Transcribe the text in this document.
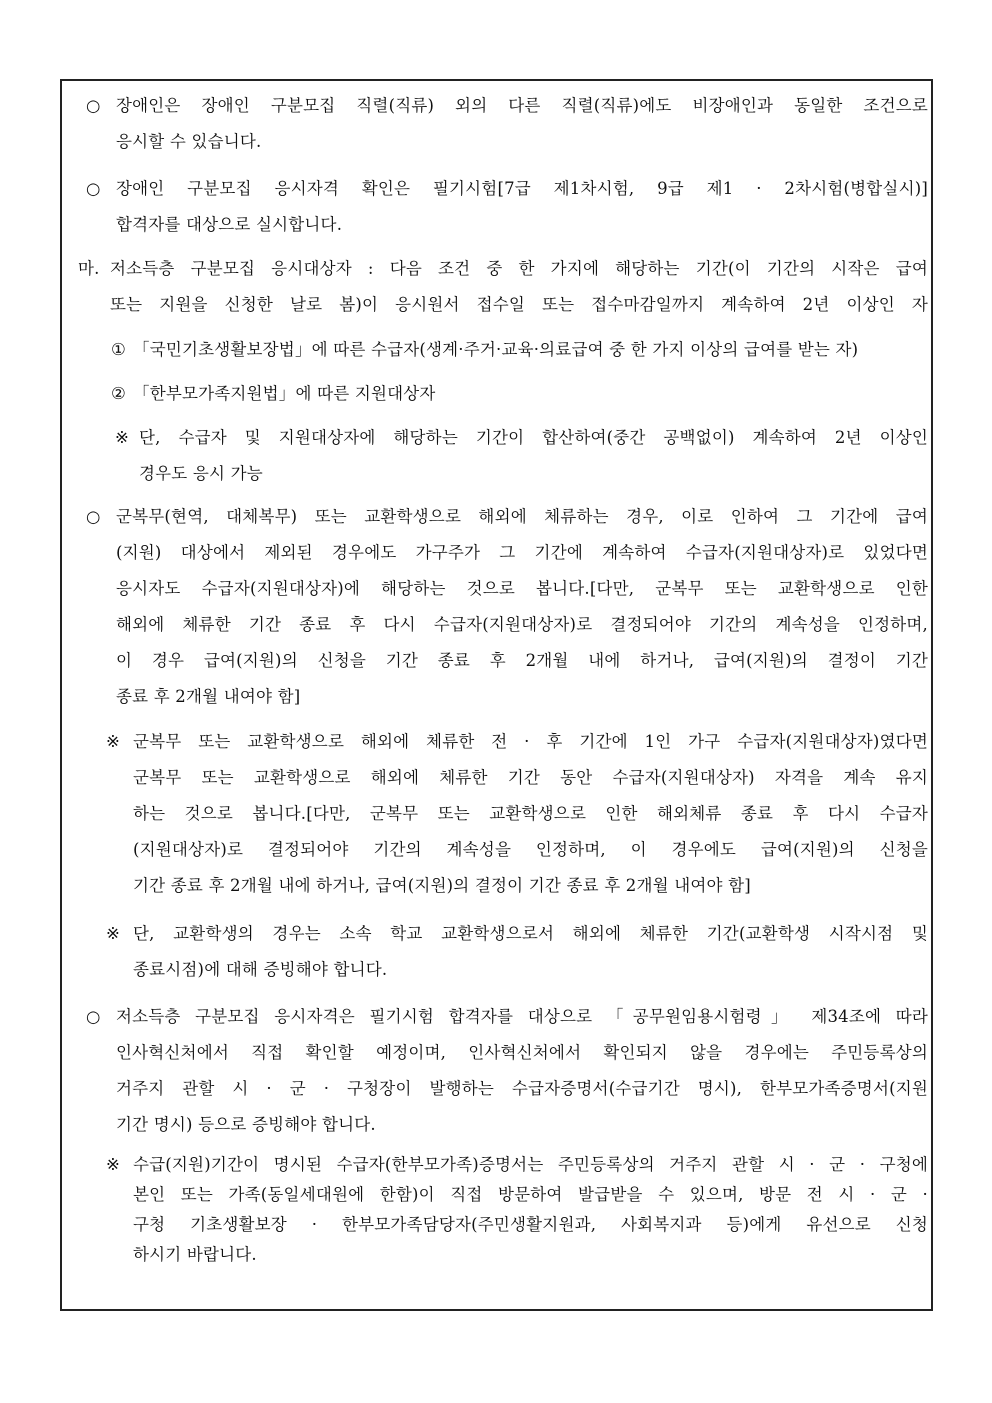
○ 장애인은 장애인 구분모집 직렬(직류) 외의 다른 직렬(직류)에도 비장애인과 동일한 조건으로
응시할 수 있습니다.
○ 장애인 구분모집 응시자격 확인은 필기시험[7급 제1차시험, 9급 제1 · 2차시험(병합실시)]
합격자를 대상으로 실시합니다.
마. 저소득층 구분모집 응시대상자 : 다음 조건 중 한 가지에 해당하는 기간(이 기간의 시작은 급여
또는 지원을 신청한 날로 봄)이 응시원서 접수일 또는 접수마감일까지 계속하여 2년 이상인 자
① 「국민기초생활보장법」에 따른 수급자(생계·주거·교육·의료급여 중 한 가지 이상의 급여를 받는 자)
② 「한부모가족지원법」에 따른 지원대상자
※ 단, 수급자 및 지원대상자에 해당하는 기간이 합산하여(중간 공백없이) 계속하여 2년 이상인
경우도 응시 가능
○ 군복무(현역, 대체복무) 또는 교환학생으로 해외에 체류하는 경우, 이로 인하여 그 기간에 급여
(지원) 대상에서 제외된 경우에도 가구주가 그 기간에 계속하여 수급자(지원대상자)로 있었다면
응시자도 수급자(지원대상자)에 해당하는 것으로 봅니다.[다만, 군복무 또는 교환학생으로 인한
해외에 체류한 기간 종료 후 다시 수급자(지원대상자)로 결정되어야 기간의 계속성을 인정하며,
이 경우 급여(지원)의 신청을 기간 종료 후 2개월 내에 하거나, 급여(지원)의 결정이 기간
종료 후 2개월 내여야 함]
※ 군복무 또는 교환학생으로 해외에 체류한 전 · 후 기간에 1인 가구 수급자(지원대상자)였다면
군복무 또는 교환학생으로 해외에 체류한 기간 동안 수급자(지원대상자) 자격을 계속 유지
하는 것으로 봅니다.[다만, 군복무 또는 교환학생으로 인한 해외체류 종료 후 다시 수급자
(지원대상자)로 결정되어야 기간의 계속성을 인정하며, 이 경우에도 급여(지원)의 신청을
기간 종료 후 2개월 내에 하거나, 급여(지원)의 결정이 기간 종료 후 2개월 내여야 함]
※ 단, 교환학생의 경우는 소속 학교 교환학생으로서 해외에 체류한 기간(교환학생 시작시점 및
종료시점)에 대해 증빙해야 합니다.
○ 저소득층 구분모집 응시자격은 필기시험 합격자를 대상으로 「공무원임용시험령」 제34조에 따라
인사혁신처에서 직접 확인할 예정이며, 인사혁신처에서 확인되지 않을 경우에는 주민등록상의
거주지 관할 시 · 군 · 구청장이 발행하는 수급자증명서(수급기간 명시), 한부모가족증명서(지원
기간 명시) 등으로 증빙해야 합니다.
※ 수급(지원)기간이 명시된 수급자(한부모가족)증명서는 주민등록상의 거주지 관할 시 · 군 · 구청에
본인 또는 가족(동일세대원에 한함)이 직접 방문하여 발급받을 수 있으며, 방문 전 시 · 군 ·
구청 기초생활보장 · 한부모가족담당자(주민생활지원과, 사회복지과 등)에게 유선으로 신청
하시기 바랍니다.
